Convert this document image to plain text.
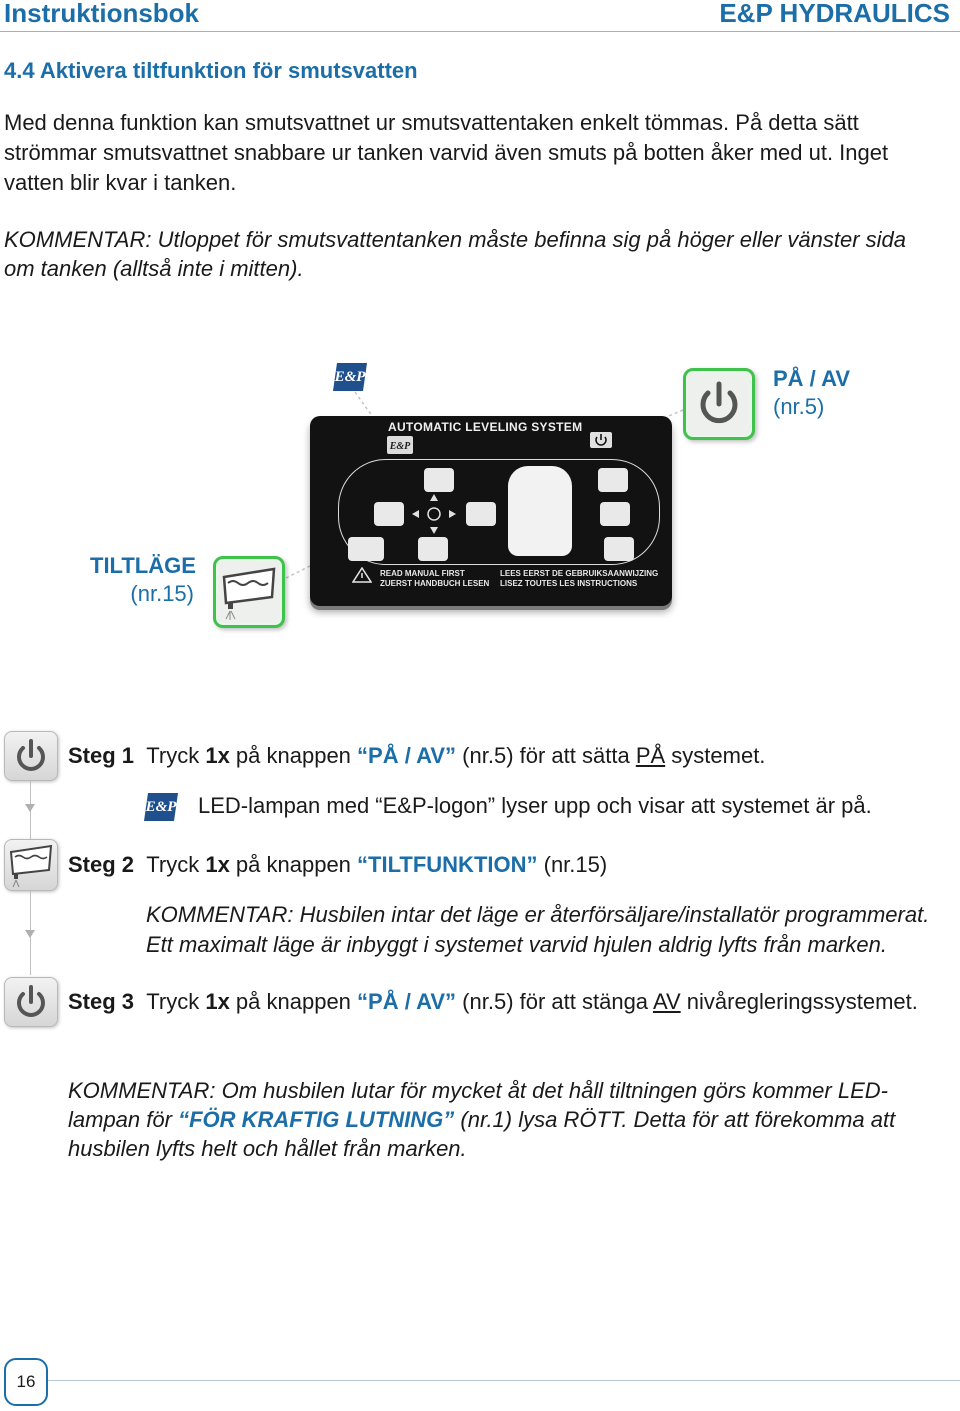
Instruktionsbok	E&P HYDRAULICS
4.4 Aktivera tiltfunktion för smutsvatten
Med denna funktion kan smutsvattnet ur smutsvattentaken enkelt tömmas. På detta sätt strömmar smutsvattnet snabbare ur tanken varvid även smuts på botten åker med ut. Inget vatten blir kvar i tanken.
KOMMENTAR: Utloppet för smutsvattentanken måste befinna sig på höger eller vänster sida om tanken (alltså inte i mitten).
E&P	PÅ / AV
(nr.5)
TILTLÄGE
(nr.15)
AUTOMATIC LEVELING SYSTEM
E&P
READ MANUAL FIRST
ZUERST HANDBUCH LESEN
LEES EERST DE GEBRUIKSAANWIJZING
LISEZ TOUTES LES INSTRUCTIONS
Steg 1 Tryck 1x på knappen “PÅ / AV” (nr.5) för att sätta PÅ systemet.
E&P LED-lampan med “E&P-logon” lyser upp och visar att systemet är på.
Steg 2 Tryck 1x på knappen “TILTFUNKTION” (nr.15)
KOMMENTAR: Husbilen intar det läge er återförsäljare/installatör programmerat. Ett maximalt läge är inbyggt i systemet varvid hjulen aldrig lyfts från marken.
Steg 3 Tryck 1x på knappen “PÅ / AV” (nr.5) för att stänga AV nivåregleringssystemet.
KOMMENTAR: Om husbilen lutar för mycket åt det håll tiltningen görs kommer LED-lampan för “FÖR KRAFTIG LUTNING” (nr.1) lysa RÖTT. Detta för att förekomma att husbilen lyfts helt och hållet från marken.
16
